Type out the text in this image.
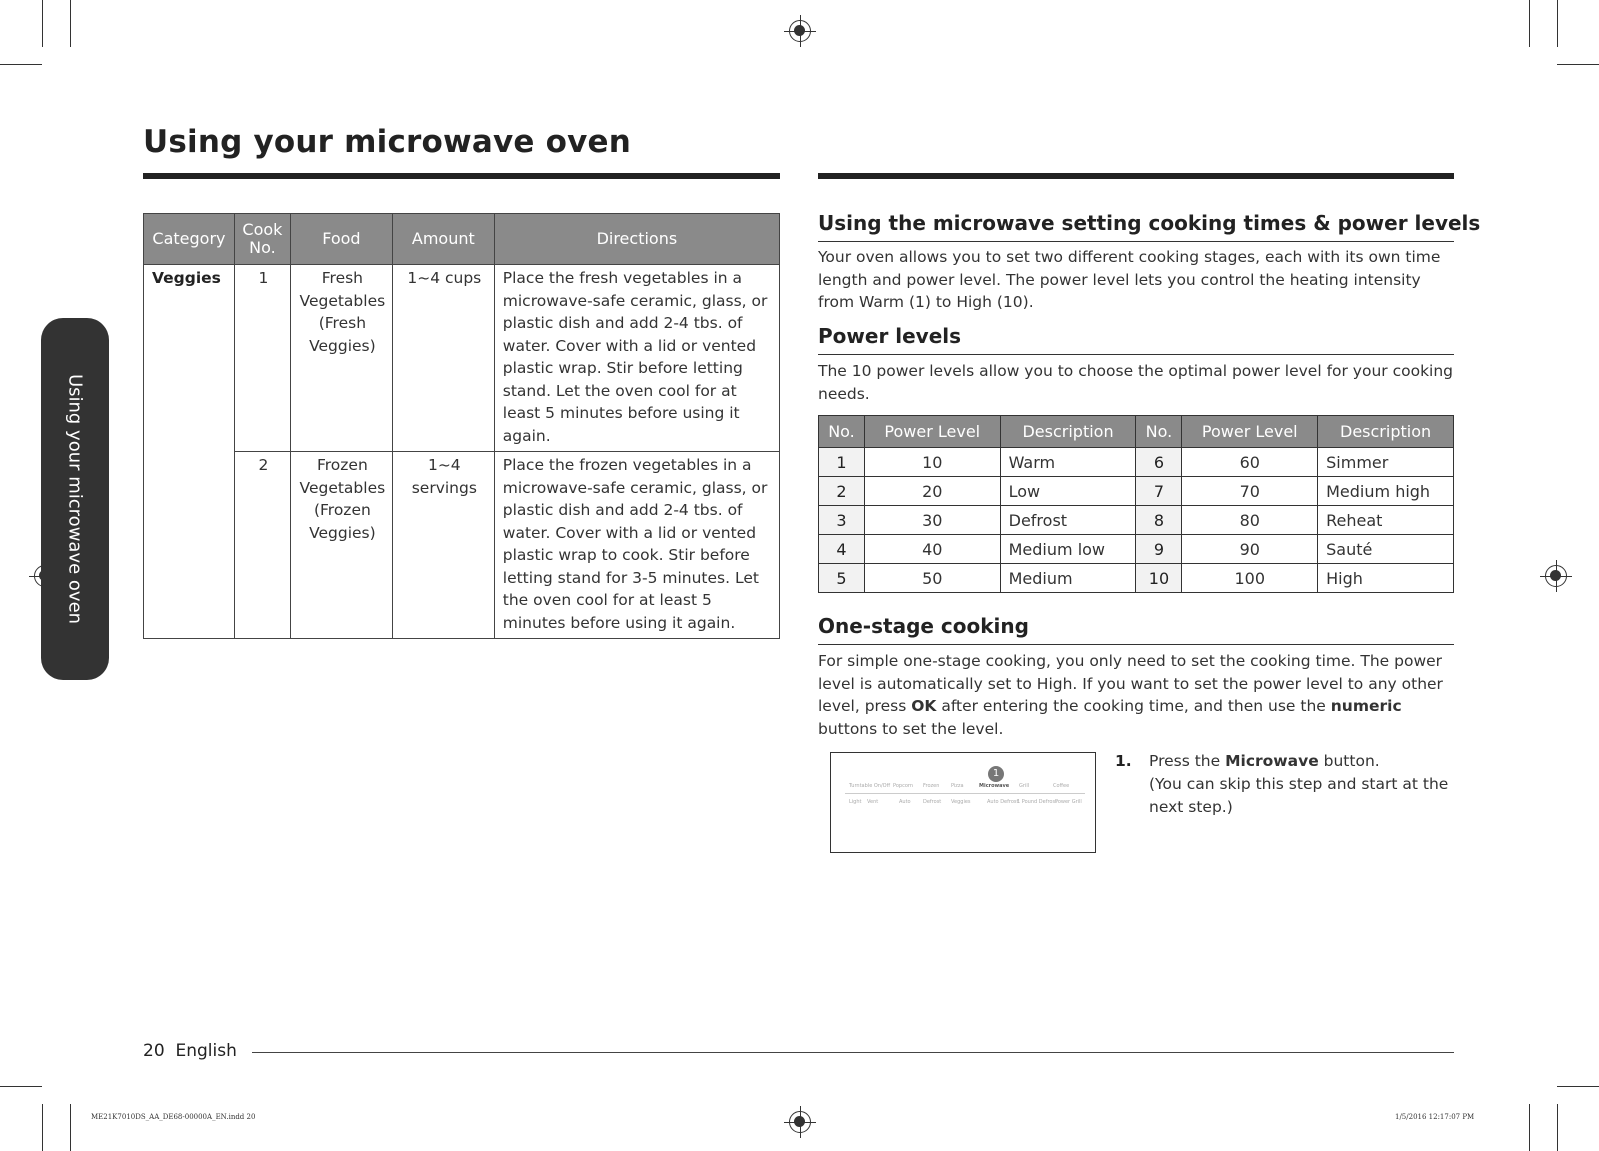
Using your microwave oven
Using your microwave oven
Category	Cook No.	Food	Amount	Directions
Veggies	1	Fresh Vegetables (Fresh Veggies)	1~4 cups	Place the fresh vegetables in a microwave-safe ceramic, glass, or plastic dish and add 2-4 tbs. of water. Cover with a lid or vented plastic wrap. Stir before letting stand. Let the oven cool for at least 5 minutes before using it again.
	2	Frozen Vegetables (Frozen Veggies)	1~4 servings	Place the frozen vegetables in a microwave-safe ceramic, glass, or plastic dish and add 2-4 tbs. of water. Cover with a lid or vented plastic wrap to cook. Stir before letting stand for 3-5 minutes. Let the oven cool for at least 5 minutes before using it again.
Using the microwave setting cooking times & power levels
Your oven allows you to set two different cooking stages, each with its own time length and power level. The power level lets you control the heating intensity from Warm (1) to High (10).
Power levels
The 10 power levels allow you to choose the optimal power level for your cooking needs.
No.	Power Level	Description	No.	Power Level	Description
1	10	Warm	6	60	Simmer
2	20	Low	7	70	Medium high
3	30	Defrost	8	80	Reheat
4	40	Medium low	9	90	Sauté
5	50	Medium	10	100	High
One-stage cooking
For simple one-stage cooking, you only need to set the cooking time. The power level is automatically set to High. If you want to set the power level to any other level, press OK after entering the cooking time, and then use the numeric buttons to set the level.
1
Turntable On/Off Popcorn Frozen Pizza	Microwave Grill	Coffee
Light Vent	Auto Defrost Veggies	Auto Defrost
1 Pound Defrost
Power Grill
1. Press the Microwave button.
(You can skip this step and start at the next step.)
20 English
ME21K7010DS_AA_DE68-00000A_EN.indd 20	1/5/2016 12:17:07 PM
